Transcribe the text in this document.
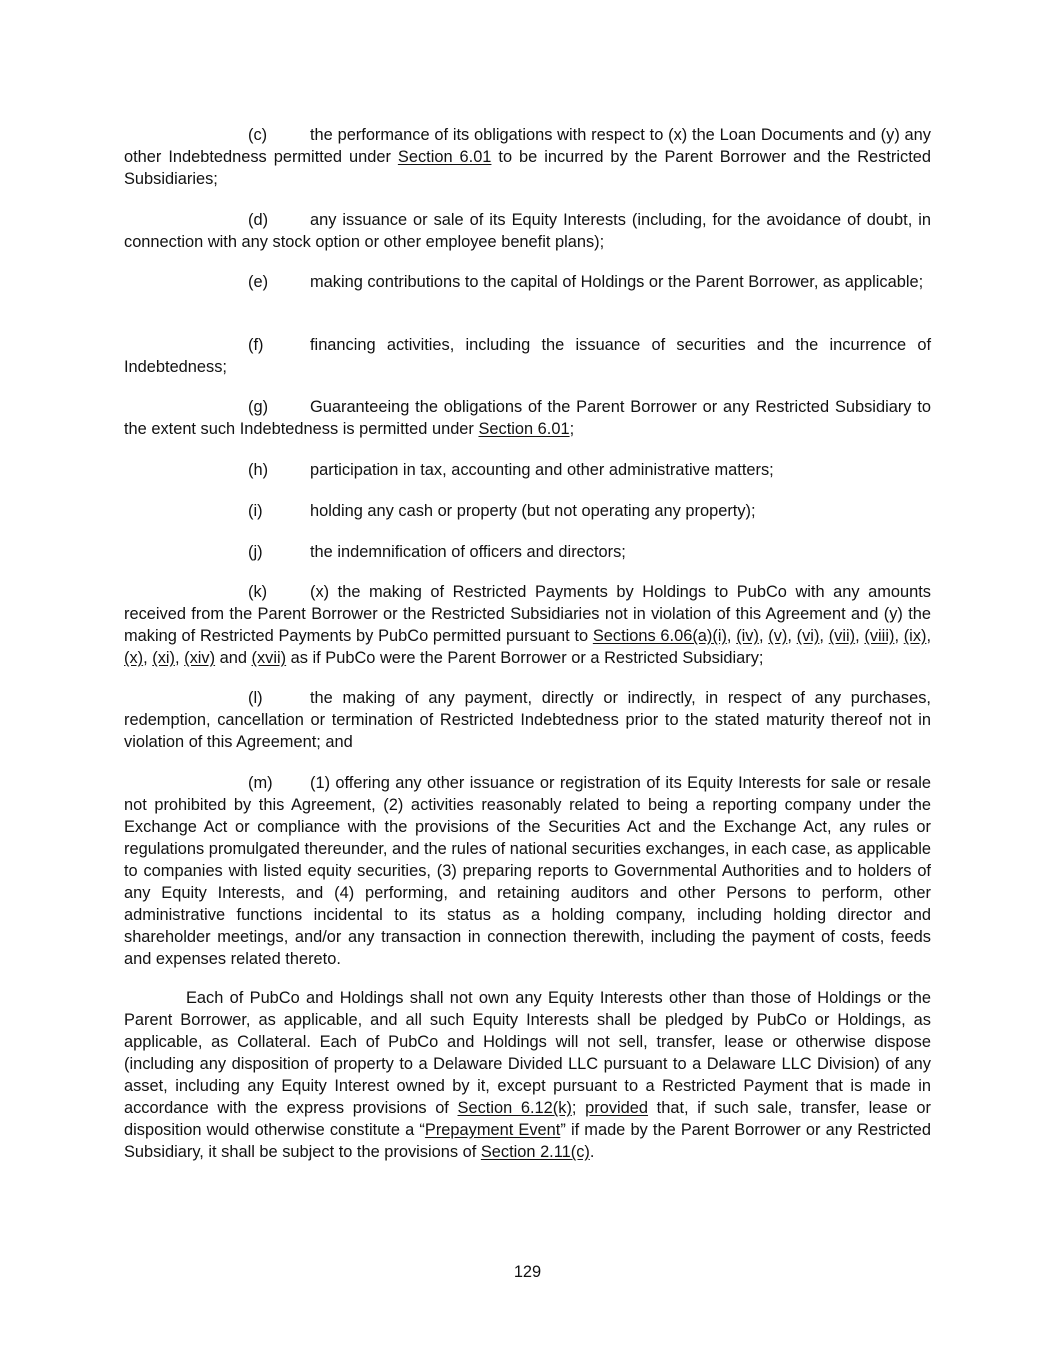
(c)	the performance of its obligations with respect to (x) the Loan Documents and (y) any other Indebtedness permitted under Section 6.01 to be incurred by the Parent Borrower and the Restricted Subsidiaries;

(d)	any issuance or sale of its Equity Interests (including, for the avoidance of doubt, in connection with any stock option or other employee benefit plans);

(e)	making contributions to the capital of Holdings or the Parent Borrower, as applicable;

(f)	financing activities, including the issuance of securities and the incurrence of Indebtedness;

(g)	Guaranteeing the obligations of the Parent Borrower or any Restricted Subsidiary to the extent such Indebtedness is permitted under Section 6.01;

(h)	participation in tax, accounting and other administrative matters;
(i)	holding any cash or property (but not operating any property);
(j)	the indemnification of officers and directors;

(k)	(x) the making of Restricted Payments by Holdings to PubCo with any amounts received from the Parent Borrower or the Restricted Subsidiaries not in violation of this Agreement and (y) the making of Restricted Payments by PubCo permitted pursuant to Sections 6.06(a)(i), (iv), (v), (vi), (vii), (viii), (ix), (x), (xi), (xiv) and (xvii) as if PubCo were the Parent Borrower or a Restricted Subsidiary;

(l)	the making of any payment, directly or indirectly, in respect of any purchases, redemption, cancellation or termination of Restricted Indebtedness prior to the stated maturity thereof not in violation of this Agreement; and

(m) (1) offering any other issuance or registration of its Equity Interests for sale or resale not prohibited by this Agreement, (2) activities reasonably related to being a reporting company under the Exchange Act or compliance with the provisions of the Securities Act and the Exchange Act, any rules or regulations promulgated thereunder, and the rules of national securities exchanges, in each case, as applicable to companies with listed equity securities, (3) preparing reports to Governmental Authorities and to holders of any Equity Interests, and (4) performing, and retaining auditors and other Persons to perform, other administrative functions incidental to its status as a holding company, including holding director and shareholder meetings, and/or any transaction in connection therewith, including the payment of costs, feeds and expenses related thereto.

Each of PubCo and Holdings shall not own any Equity Interests other than those of Holdings or the Parent Borrower, as applicable, and all such Equity Interests shall be pledged by PubCo or Holdings, as applicable, as Collateral. Each of PubCo and Holdings will not sell, transfer, lease or otherwise dispose (including any disposition of property to a Delaware Divided LLC pursuant to a Delaware LLC Division) of any asset, including any Equity Interest owned by it, except pursuant to a Restricted Payment that is made in accordance with the express provisions of Section 6.12(k); provided that, if such sale, transfer, lease or disposition would otherwise constitute a “Prepayment Event” if made by the Parent Borrower or any Restricted Subsidiary, it shall be subject to the provisions of Section 2.11(c).

129
